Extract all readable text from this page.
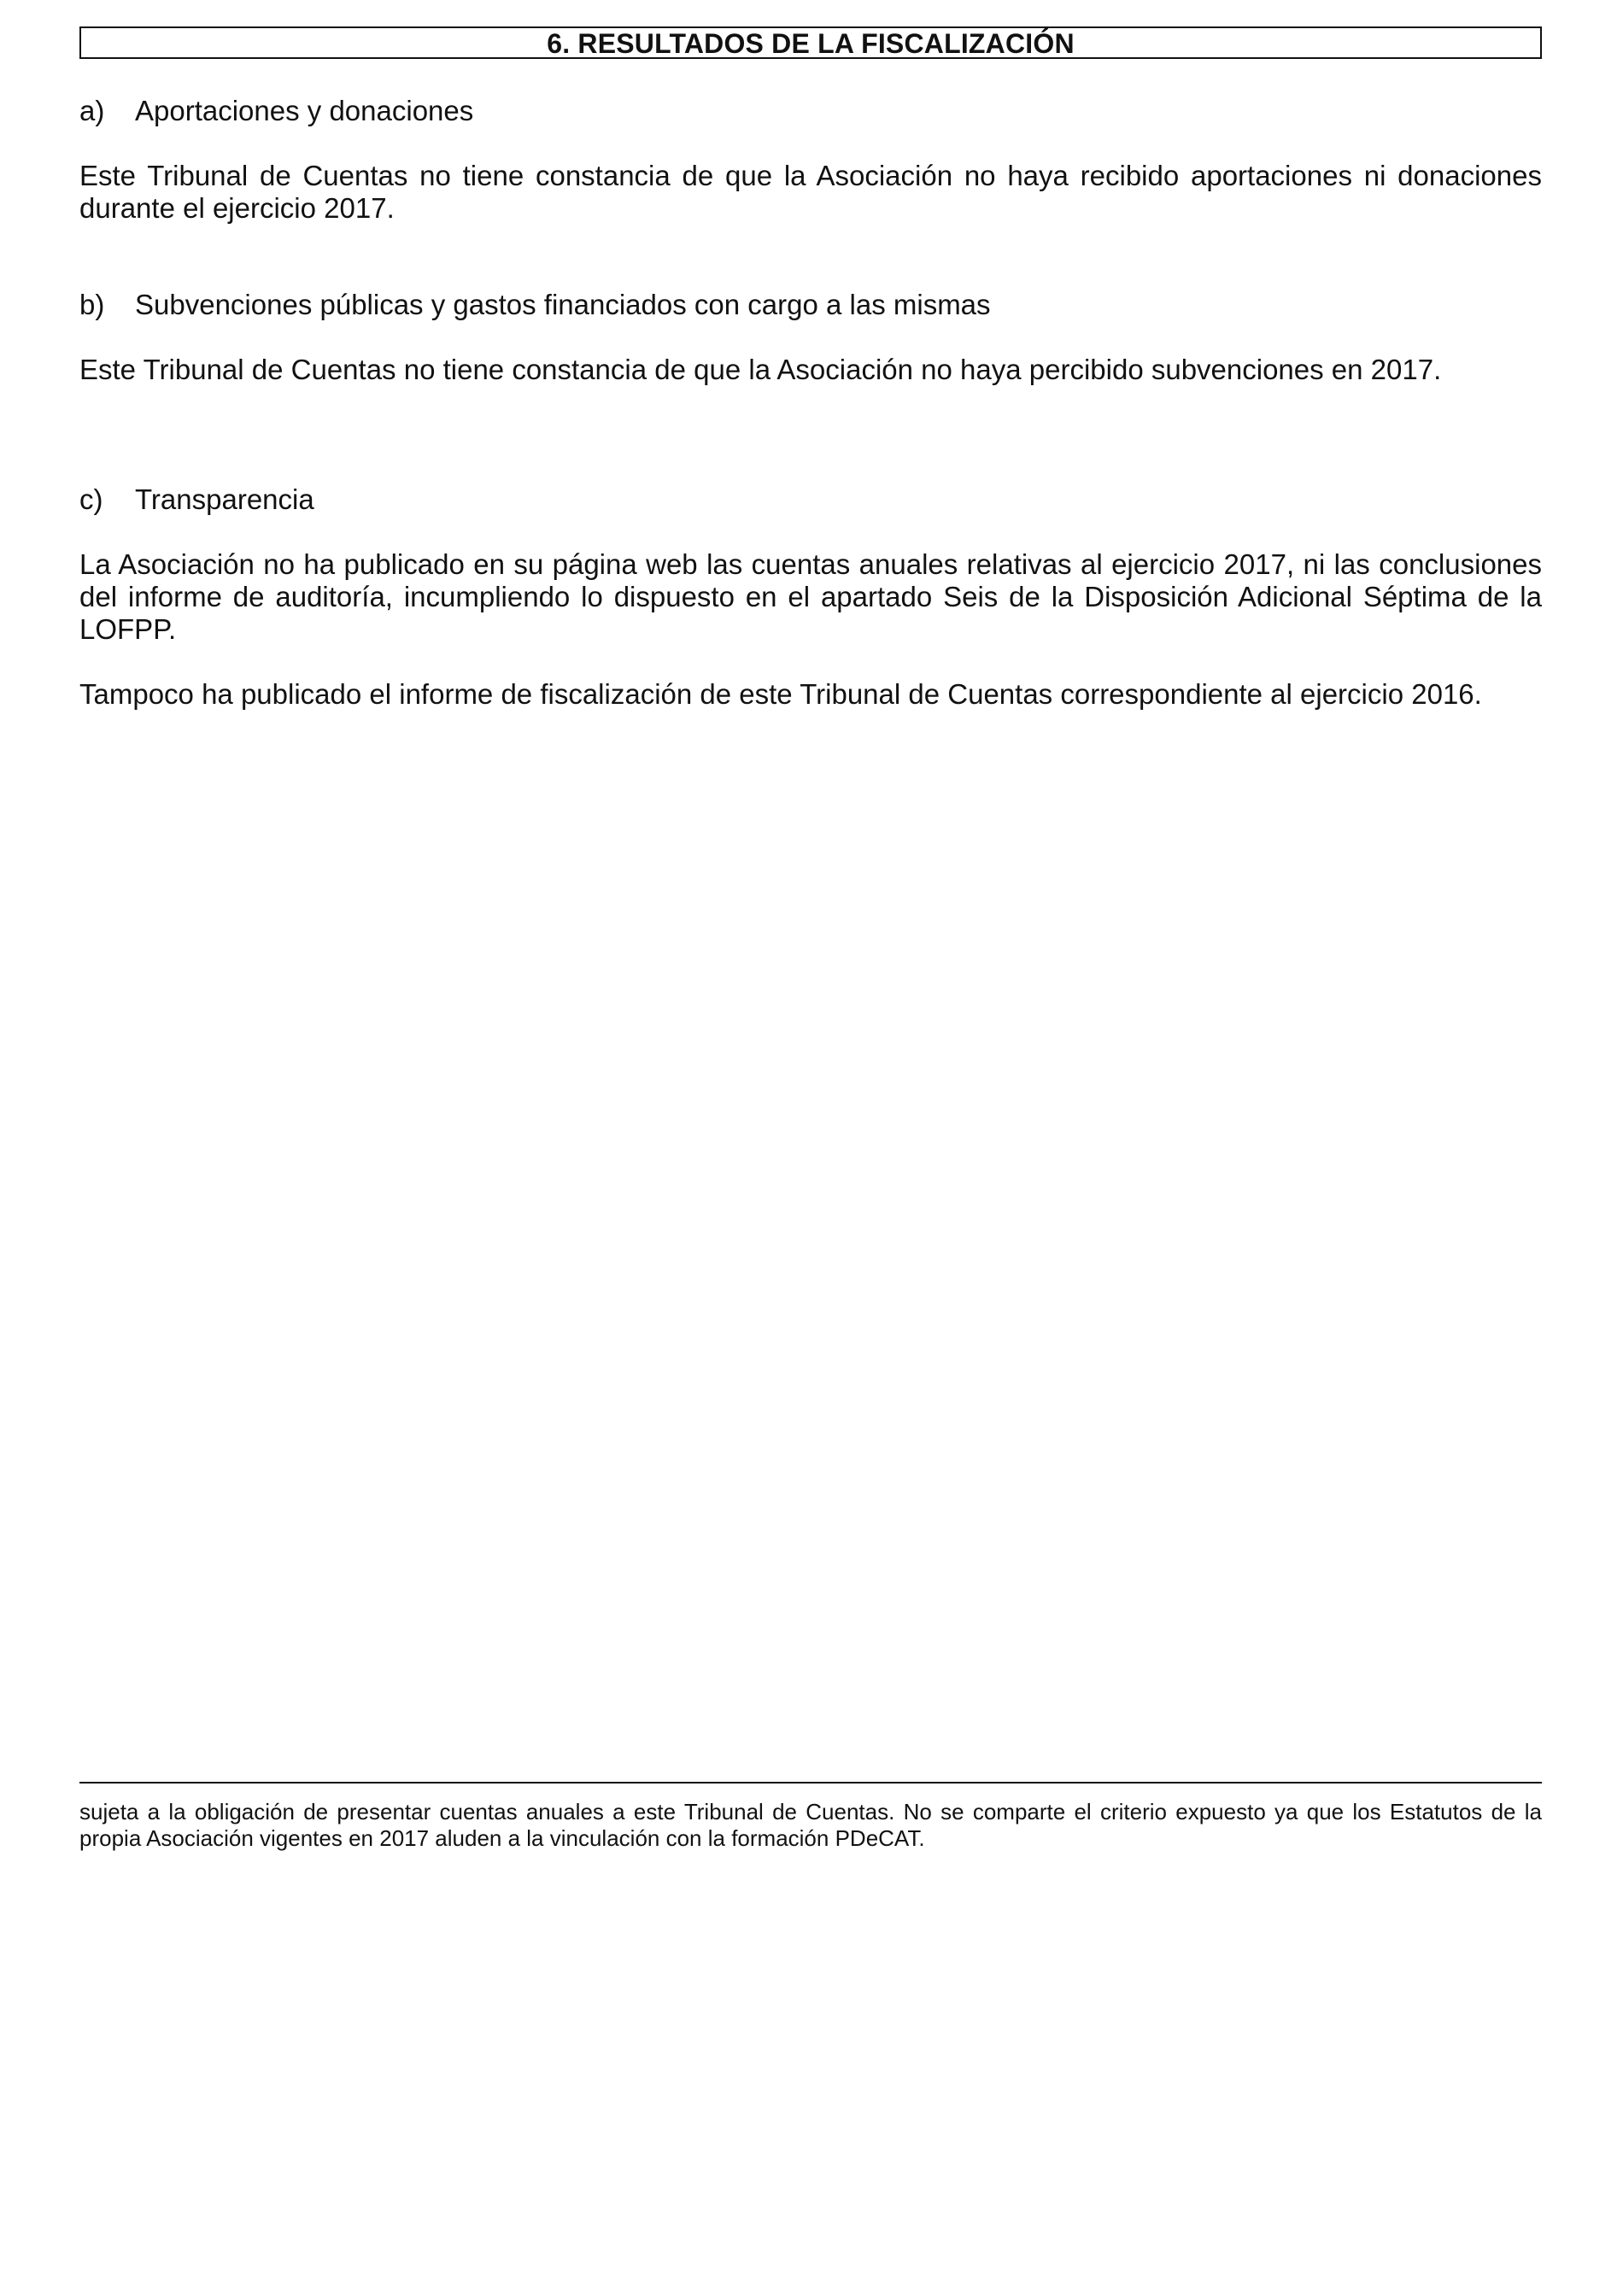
6. RESULTADOS DE LA FISCALIZACIÓN
a)	Aportaciones y donaciones
Este Tribunal de Cuentas no tiene constancia de que la Asociación no haya recibido aportaciones ni donaciones durante el ejercicio 2017.
b)	Subvenciones públicas y gastos financiados con cargo a las mismas
Este Tribunal de Cuentas no tiene constancia de que la Asociación no haya percibido subvenciones en 2017.
c)	Transparencia
La Asociación no ha publicado en su página web las cuentas anuales relativas al ejercicio 2017, ni las conclusiones del informe de auditoría, incumpliendo lo dispuesto en el apartado Seis de la Disposición Adicional Séptima de la LOFPP.
Tampoco ha publicado el informe de fiscalización de este Tribunal de Cuentas correspondiente al ejercicio 2016.
sujeta a la obligación de presentar cuentas anuales a este Tribunal de Cuentas. No se comparte el criterio expuesto ya que los Estatutos de la propia Asociación vigentes en 2017 aluden a la vinculación con la formación PDeCAT.
